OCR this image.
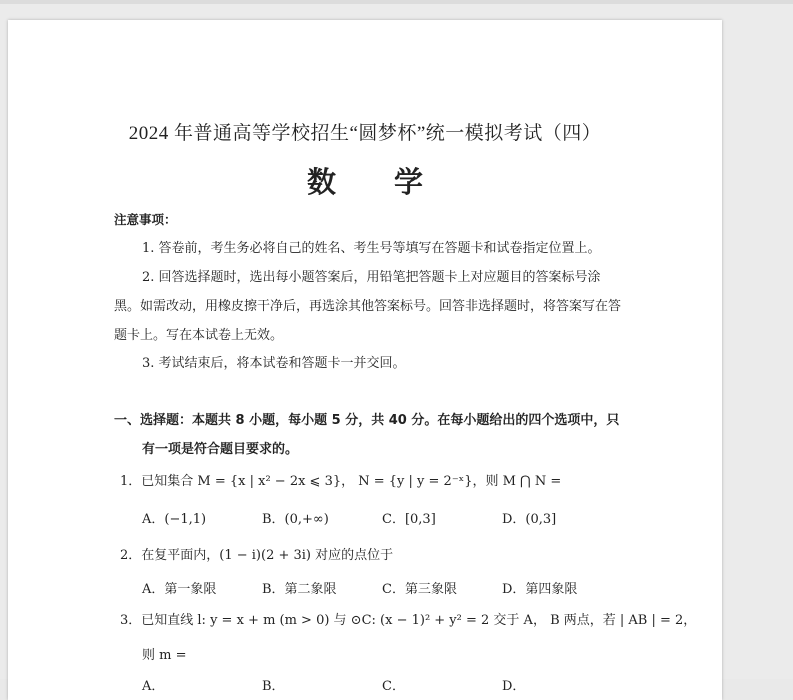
2024 年普通高等学校招生“圆梦杯”统一模拟考试（四）
数 学
注意事项：
1. 答卷前，考生务必将自己的姓名、考生号等填写在答题卡和试卷指定位置上。
2. 回答选择题时，选出每小题答案后，用铅笔把答题卡上对应题目的答案标号涂黑。如需改动，用橡皮擦干净后，再选涂其他答案标号。回答非选择题时，将答案写在答题卡上。写在本试卷上无效。
3. 考试结束后，将本试卷和答题卡一并交回。
一、选择题：本题共 8 小题，每小题 5 分，共 40 分。在每小题给出的四个选项中，只
有一项是符合题目要求的。
1．已知集合 M = {x | x² − 2x ⩽ 3}， N = {y | y = 2⁻ˣ}，则 M ⋂ N =
A．(−1,1)	B．(0,+∞)	C．[0,3]	D．(0,3]
2．在复平面内，(1 − i)(2 + 3i) 对应的点位于
A．第一象限	B．第二象限	C．第三象限	D．第四象限
3．已知直线 l: y = x + m (m > 0) 与 ⊙C: (x − 1)² + y² = 2 交于 A， B 两点，若 | AB | = 2，
则 m =
A．	B．	C．	D．
